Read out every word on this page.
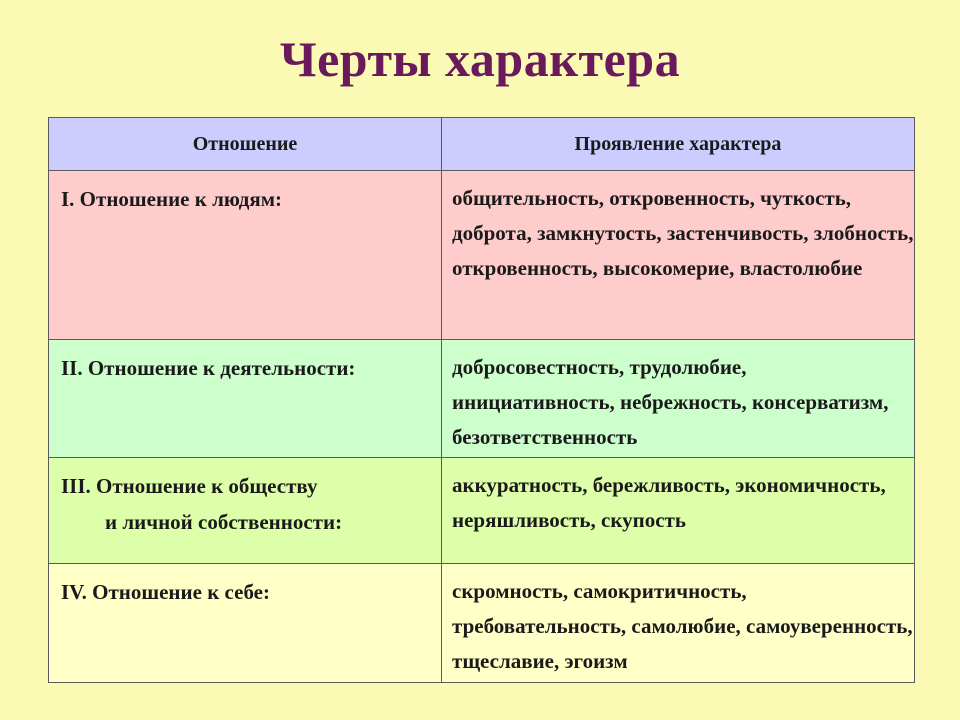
Черты характера
Отношение	Проявление характера

I. Отношение к людям:	общительность, откровенность, чуткость, доброта, замкнутость, застенчивость, злобность, откровенность, высокомерие, властолюбие

II. Отношение к деятельности:	добросовестность, трудолюбие, инициативность, небрежность, консерватизм, безответственность

III. Отношение к обществу
и личной собственности:	аккуратность, бережливость, экономичность, неряшливость, скупость

IV. Отношение к себе:	скромность, самокритичность, требовательность, самолюбие, самоуверенность, тщеславие, эгоизм
